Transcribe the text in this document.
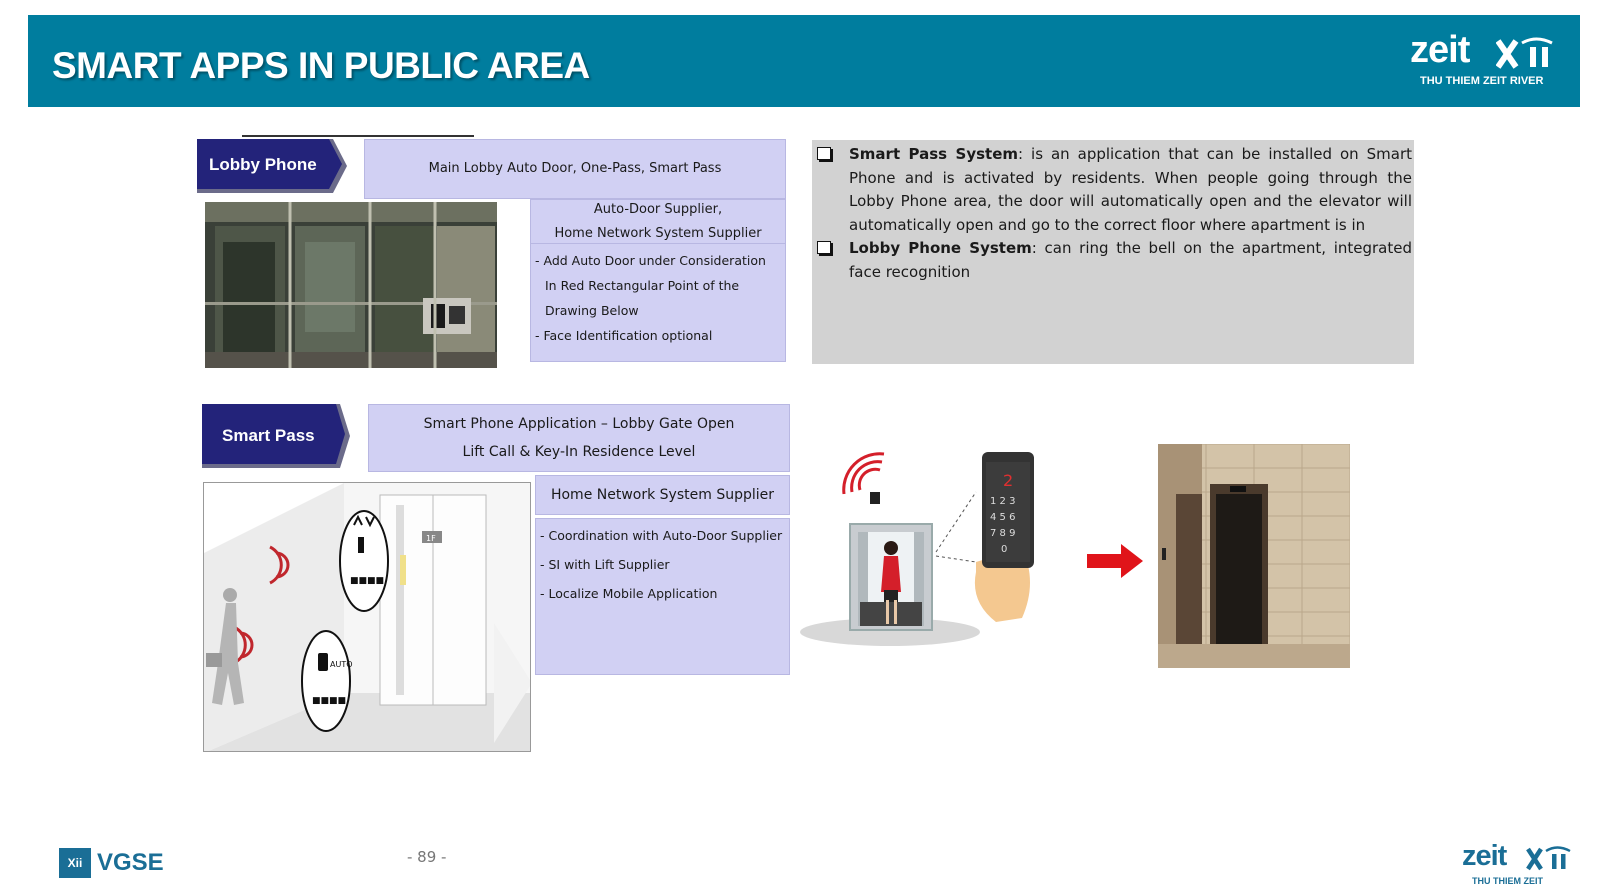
SMART APPS IN PUBLIC AREA	zeit
THU THIEM ZEIT RIVER
Lobby Phone	Main Lobby Auto Door, One-Pass, Smart Pass
Auto-Door Supplier,
Home Network System Supplier
- Add Auto Door under Consideration
In Red Rectangular Point of the
Drawing Below
- Face Identification optional
Smart Pass System: is an application that can be installed on Smart Phone and is activated by residents. When people going through the Lobby Phone area, the door will automatically open and the elevator will automatically open and go to the correct floor where apartment is in
Lobby Phone System: can ring the bell on the apartment, integrated face recognition
Smart Pass
Smart Phone Application – Lobby Gate Open
Lift Call & Key-In Residence Level
1F
■■■■
AUTO
■■■■
Home Network System Supplier
- Coordination with Auto-Door Supplier
- SI with Lift Supplier
- Localize Mobile Application
2
1 2 3
4 5 6
7 8 9
0
Xii VGSE	- 89 -	zeit
THU THIEM ZEIT
